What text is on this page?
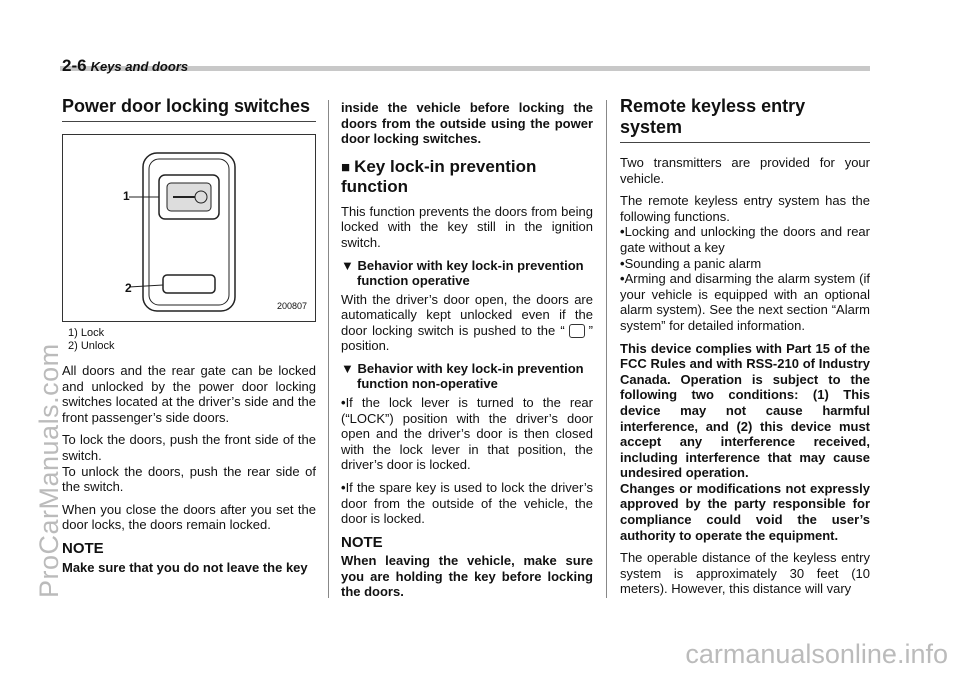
2-6 Keys and doors
Power door locking switches
1
2
200807
1) Lock
2) Unlock

All doors and the rear gate can be locked and unlocked by the power door locking switches located at the driver’s side and the front passenger’s side doors.

To lock the doors, push the front side of the switch.

To unlock the doors, push the rear side of the switch.

When you close the doors after you set the door locks, the doors remain locked.

NOTE

Make sure that you do not leave the key

inside the vehicle before locking the doors from the outside using the power door locking switches.

■ Key lock-in prevention function

This function prevents the doors from being locked with the key still in the ignition switch.

▼ Behavior with key lock-in prevention function operative

With the driver’s door open, the doors are automatically kept unlocked even if the door locking switch is pushed to the “ ” position.

▼ Behavior with key lock-in prevention function non-operative

• If the lock lever is turned to the rear (“LOCK”) position with the driver’s door open and the driver’s door is then closed with the lock lever in that position, the driver’s door is locked.

• If the spare key is used to lock the driver’s door from the outside of the vehicle, the door is locked.

NOTE

When leaving the vehicle, make sure you are holding the key before locking the doors.

Remote keyless entry system

Two transmitters are provided for your vehicle.

The remote keyless entry system has the following functions.

• Locking and unlocking the doors and rear gate without a key

• Sounding a panic alarm

• Arming and disarming the alarm system (if your vehicle is equipped with an optional alarm system). See the next section “Alarm system” for detailed information.

This device complies with Part 15 of the FCC Rules and with RSS-210 of Industry Canada. Operation is subject to the following two conditions: (1) This device may not cause harmful interference, and (2) this device must accept any interference received, including interference that may cause undesired operation.

Changes or modifications not expressly approved by the party responsible for compliance could void the user’s authority to operate the equipment.

The operable distance of the keyless entry system is approximately 30 feet (10 meters). However, this distance will vary

ProCarManuals.com
carmanualsonline.info
